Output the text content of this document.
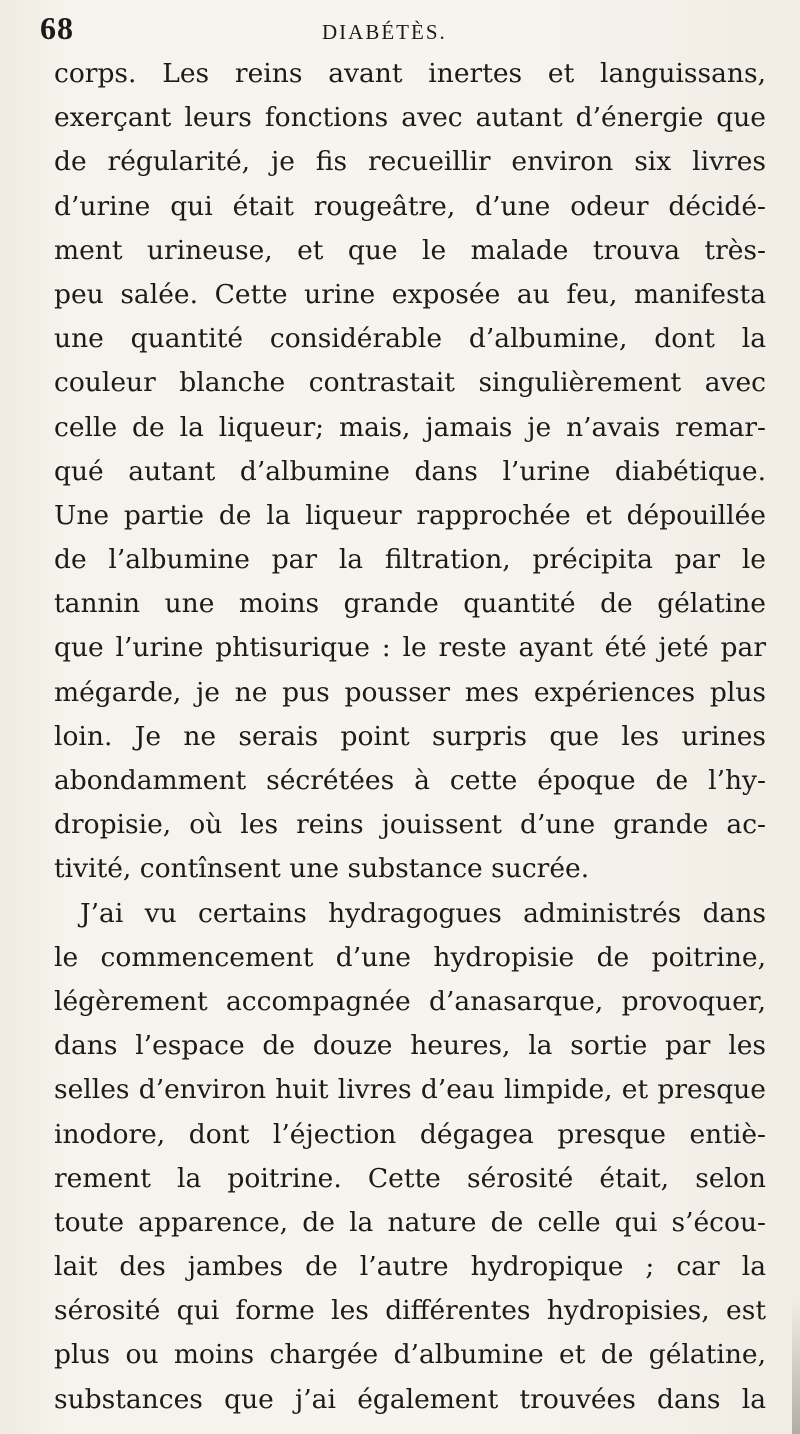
68	DIABÉTÈS.
corps. Les reins avant inertes et languissans,
exerçant leurs fonctions avec autant d’énergie que
de régularité, je fis recueillir environ six livres
d’urine qui était rougeâtre, d’une odeur décidé-
ment urineuse, et que le malade trouva très-
peu salée. Cette urine exposée au feu, manifesta
une quantité considérable d’albumine, dont la
couleur blanche contrastait singulièrement avec
celle de la liqueur; mais, jamais je n’avais remar-
qué autant d’albumine dans l’urine diabétique.
Une partie de la liqueur rapprochée et dépouillée
de l’albumine par la filtration, précipita par le
tannin une moins grande quantité de gélatine
que l’urine phtisurique : le reste ayant été jeté par
mégarde, je ne pus pousser mes expériences plus
loin. Je ne serais point surpris que les urines
abondamment sécrétées à cette époque de l’hy-
dropisie, où les reins jouissent d’une grande ac-
tivité, contînsent une substance sucrée.
J’ai vu certains hydragogues administrés dans
le commencement d’une hydropisie de poitrine,
légèrement accompagnée d’anasarque, provoquer,
dans l’espace de douze heures, la sortie par les
selles d’environ huit livres d’eau limpide, et presque
inodore, dont l’éjection dégagea presque entiè-
rement la poitrine. Cette sérosité était, selon
toute apparence, de la nature de celle qui s’écou-
lait des jambes de l’autre hydropique ; car la
sérosité qui forme les différentes hydropisies, est
plus ou moins chargée d’albumine et de gélatine,
substances que j’ai également trouvées dans la
